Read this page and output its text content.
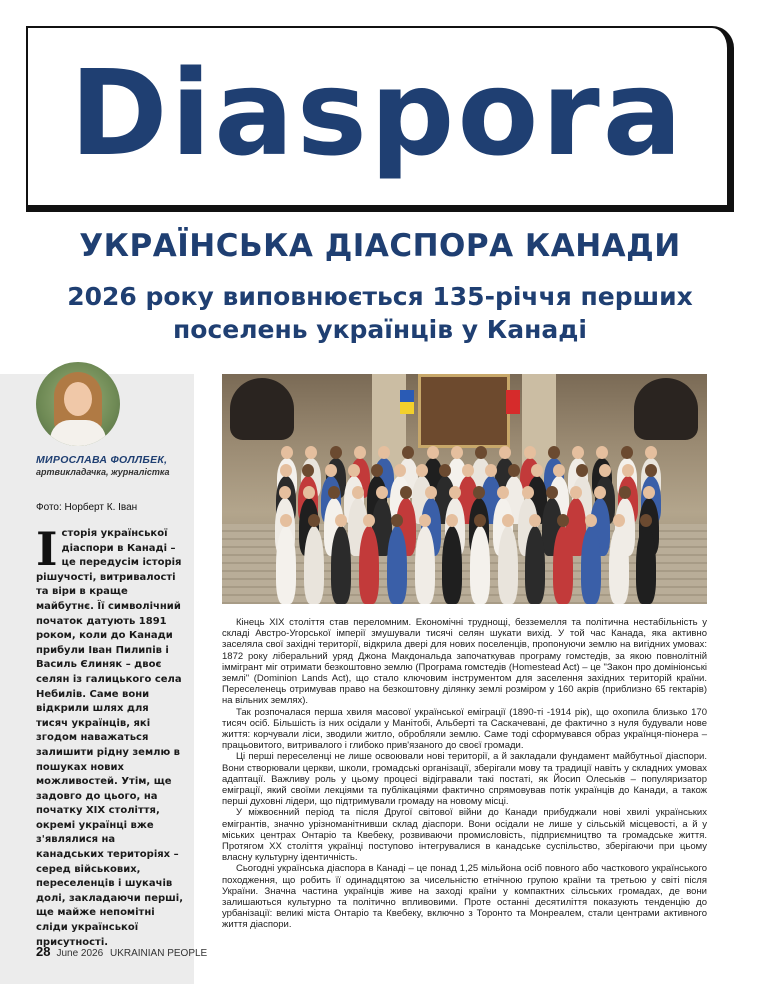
Diaspora
УКРАЇНСЬКА ДІАСПОРА КАНАДИ
2026 року виповнюється 135-річчя перших поселень українців у Канаді
МИРОСЛАВА ФОЛЛБЕК,
артвикладачка, журналістка
Фото: Норберт К. Іван
Історія української діаспори в Канаді – це передусім історія рішучості, витривалості та віри в краще майбутнє. Її символічний початок датують 1891 роком, коли до Канади прибули Іван Пилипів і Василь Єлиняк – двоє селян із галицького села Небилів. Саме вони відкрили шлях для тисяч українців, які згодом наважаться залишити рідну землю в пошуках нових можливостей. Утім, ще задовго до цього, на початку XIX століття, окремі українці вже з'являлися на канадських територіях – серед військових, переселенців і шукачів долі, закладаючи перші, ще майже непомітні сліди української присутності.
28 June 2026 UKRAINIAN PEOPLE

Кінець XIX століття став переломним. Економічні труднощі, безземелля та політична нестабільність у складі Австро-Угорської імперії змушували тисячі селян шукати вихід. У той час Канада, яка активно заселяла свої західні території, відкрила двері для нових поселенців, пропонуючи землю на вигідних умовах: 1872 року ліберальний уряд Джона Макдональда започаткував програму гомстедів, за якою повнолітній іммігрант міг отримати безкоштовно землю (Програма гомстедів (Homestead Act) – це "Закон про домініонські землі" (Dominion Lands Act), що стало ключовим інструментом для заселення західних територій країни. Переселенець отримував право на безкоштовну ділянку землі розміром у 160 акрів (приблизно 65 гектарів) на вільних землях).

Так розпочалася перша хвиля масової української еміграції (1890-ті -1914 рік), що охопила близько 170 тисяч осіб. Більшість із них осідали у Манітобі, Альберті та Саскачевані, де фактично з нуля будували нове життя: корчували ліси, зводили житло, обробляли землю. Саме тоді сформувався образ українця-піонера – працьовитого, витривалого і глибоко прив'язаного до своєї громади.

Ці перші переселенці не лише освоювали нові території, а й закладали фундамент майбутньої діаспори. Вони створювали церкви, школи, громадські організації, зберігали мову та традиції навіть у складних умовах адаптації. Важливу роль у цьому процесі відігравали такі постаті, як Йосип Олеськів – популяризатор еміграції, який своїми лекціями та публікаціями фактично спрямовував потік українців до Канади, а також перші духовні лідери, що підтримували громаду на новому місці.

У міжвоєнний період та після Другої світової війни до Канади прибуджали нові хвилі українських емігрантів, значно урізноманітнивши склад діаспори. Вони осідали не лише у сільській місцевості, а й у міських центрах Онтаріо та Квебеку, розвиваючи промисловість, підприємництво та громадське життя. Протягом XX століття українці поступово інтегрувалися в канадське суспільство, зберігаючи при цьому власну культурну ідентичність.

Сьогодні українська діаспора в Канаді – це понад 1,25 мільйона осіб повного або часткового українського походження, що робить її одинадцятою за чисельністю етнічною групою країни та третьою у світі після України. Значна частина українців живе на заході країни у компактних сільських громадах, де вони залишаються культурно та політично впливовими. Проте останні десятиліття показують тенденцію до урбанізації: великі міста Онтаріо та Квебеку, включно з Торонто та Монреалем, стали центрами активного життя діаспори.
